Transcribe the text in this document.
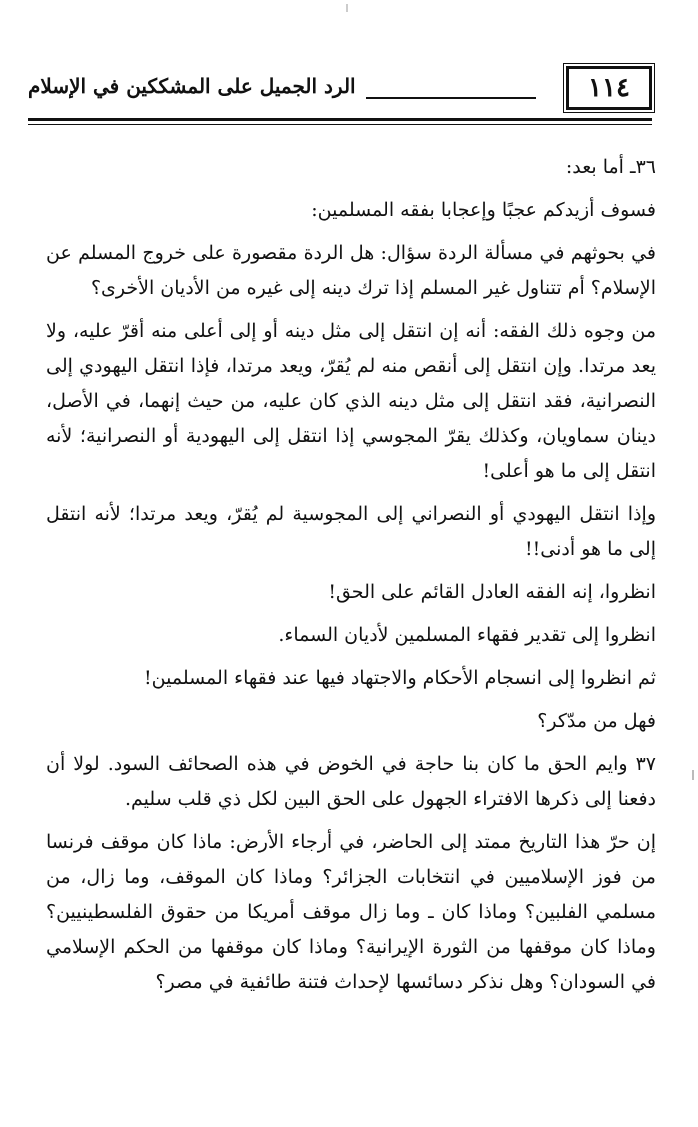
١١٤
الرد الجميل على المشككين في الإسلام

٣٦ـ أما بعد:

فسوف أزيدكم عجبًا وإعجابا بفقه المسلمين:

في بحوثهم في مسألة الردة سؤال: هل الردة مقصورة على خروج المسلم عن الإسلام؟ أم تتناول غير المسلم إذا ترك دينه إلى غيره من الأديان الأخرى؟

من وجوه ذلك الفقه: أنه إن انتقل إلى مثل دينه أو إلى أعلى منه أقرّ عليه، ولا يعد مرتدا. وإن انتقل إلى أنقص منه لم يُقرّ، ويعد مرتدا، فإذا انتقل اليهودي إلى النصرانية، فقد انتقل إلى مثل دينه الذي كان عليه، من حيث إنهما، في الأصل، دينان سماويان، وكذلك يقرّ المجوسي إذا انتقل إلى اليهودية أو النصرانية؛ لأنه انتقل إلى ما هو أعلى!

وإذا انتقل اليهودي أو النصراني إلى المجوسية لم يُقرّ، ويعد مرتدا؛ لأنه انتقل إلى ما هو أدنى!!

انظروا، إنه الفقه العادل القائم على الحق!

انظروا إلى تقدير فقهاء المسلمين لأديان السماء.

ثم انظروا إلى انسجام الأحكام والاجتهاد فيها عند فقهاء المسلمين!

فهل من مدّكر؟

٣٧ وايم الحق ما كان بنا حاجة في الخوض في هذه الصحائف السود. لولا أن دفعنا إلى ذكرها الافتراء الجهول على الحق البين لكل ذي قلب سليم.

إن حرّ هذا التاريخ ممتد إلى الحاضر، في أرجاء الأرض: ماذا كان موقف فرنسا من فوز الإسلاميين في انتخابات الجزائر؟ وماذا كان الموقف، وما زال، من مسلمي الفلبين؟ وماذا كان ـ وما زال موقف أمريكا من حقوق الفلسطينيين؟ وماذا كان موقفها من الثورة الإيرانية؟ وماذا كان موقفها من الحكم الإسلامي في السودان؟ وهل نذكر دسائسها لإحداث فتنة طائفية في مصر؟
